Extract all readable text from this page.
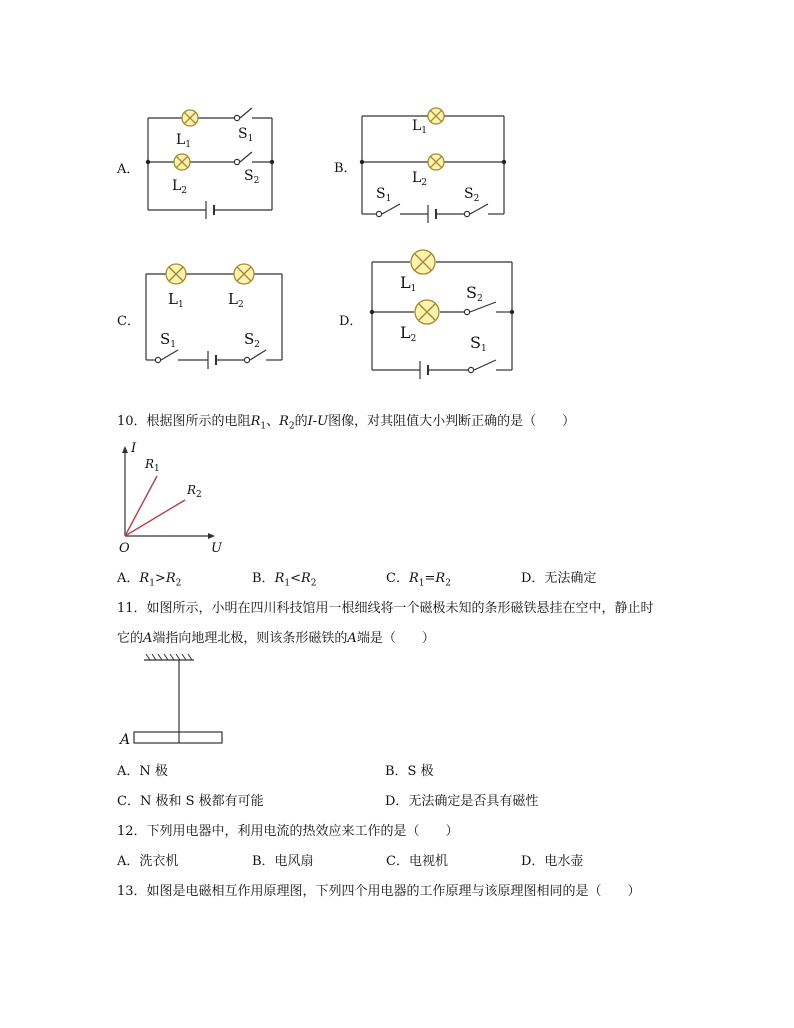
A．	B．
C．	D．
$L_1$
$S_1$
$L_2$
$S_2$
$L_1$
$L_2$
$S_1$	$S_2$
$L_1$	$L_2$
$S_1$	$S_2$
L1	S2
L2	S1
10．根据图所示的电阻$R_1$、$R_2$的I-U图像，对其阻值大小判断正确的是（　　）
I
U
O
$R_1$
$R_2$
A．$R_1>R_2$	B．$R_1<R_2$	C．$R_1=R_2$	D．无法确定
11．如图所示，小明在四川科技馆用一根细线将一个磁极未知的条形磁铁悬挂在空中，静止时
它的A端指向地理北极，则该条形磁铁的A端是（　　）
A
A．N 极	B．S 极
C．N 极和 S 极都有可能	D．无法确定是否具有磁性
12．下列用电器中，利用电流的热效应来工作的是（　　）
A．洗衣机	B．电风扇	C．电视机	D．电水壶
13．如图是电磁相互作用原理图，下列四个用电器的工作原理与该原理图相同的是（　　）
